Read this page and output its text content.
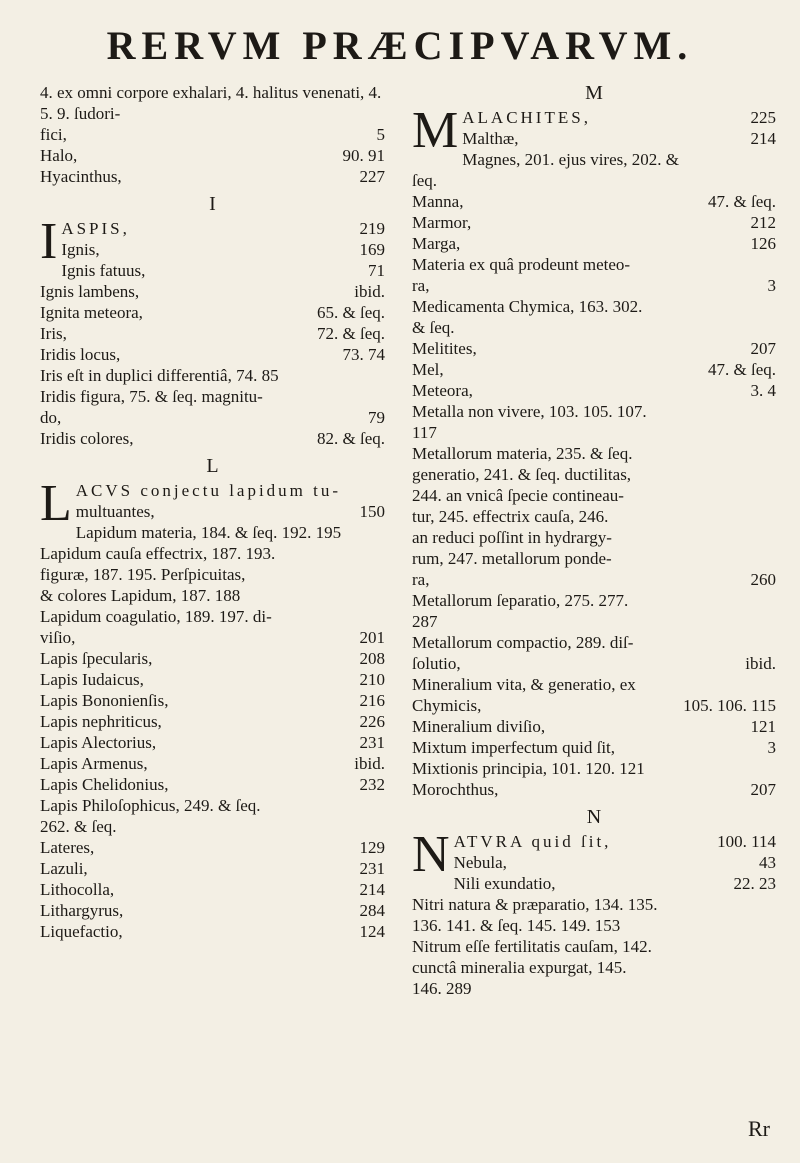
RERVM PRÆCIPVARVM.
4. ex omni corpore exhalari, 4. halitus venenati, 4. 5. 9. ſudori-
fici,	5
Halo,	90. 91
Hyacinthus,	227
I
I ASPIS,	219
Ignis,	169
Ignis fatuus,	71
Ignis lambens,	ibid.
Ignita meteora,	65. & ſeq.
Iris,	72. & ſeq.
Iridis locus,	73. 74
Iris eſt in duplici differentiâ, 74. 85
Iridis figura, 75. & ſeq. magnitu-
do,	79
Iridis colores,	82. & ſeq.
L
L ACVS conjectu lapidum tu-
multuantes,	150
Lapidum materia, 184. & ſeq. 192. 195
Lapidum cauſa effectrix, 187. 193.
figuræ, 187. 195. Perſpicuitas,
& colores Lapidum, 187. 188
Lapidum coagulatio, 189. 197. di-
viſio,	201
Lapis ſpecularis,	208
Lapis Iudaicus,	210
Lapis Bononienſis,	216
Lapis nephriticus,	226
Lapis Alectorius,	231
Lapis Armenus,	ibid.
Lapis Chelidonius,	232
Lapis Philoſophicus, 249. & ſeq.
262. & ſeq.
Lateres,	129
Lazuli,	231
Lithocolla,	214
Lithargyrus,	284
Liquefactio,	124
M
M ALACHITES,	225
Malthæ,	214
Magnes, 201. ejus vires, 202. &
ſeq.
Manna,	47. & ſeq.
Marmor,	212
Marga,	126
Materia ex quâ prodeunt meteo-
ra,	3
Medicamenta Chymica, 163. 302.
& ſeq.
Melitites,	207
Mel,	47. & ſeq.
Meteora,	3. 4
Metalla non vivere, 103. 105. 107.
117
Metallorum materia, 235. & ſeq.
generatio, 241. & ſeq. ductilitas,
244. an vnicâ ſpecie contineau-
tur, 245. effectrix cauſa, 246.
an reduci poſſint in hydrargy-
rum, 247. metallorum ponde-
ra,	260
Metallorum ſeparatio, 275. 277.
287
Metallorum compactio, 289. diſ-
ſolutio,	ibid.
Mineralium vita, & generatio, ex
Chymicis,	105. 106. 115
Mineralium diviſio,	121
Mixtum imperfectum quid ſit,	3
Mixtionis principia, 101. 120. 121
Morochthus,	207
N
N ATVRA quid ſit,	100. 114
Nebula,	43
Nili exundatio,	22. 23
Nitri natura & præparatio, 134. 135.
136. 141. & ſeq. 145. 149. 153
Nitrum eſſe fertilitatis cauſam, 142.
cunctâ mineralia expurgat, 145.
146. 289
Rr
